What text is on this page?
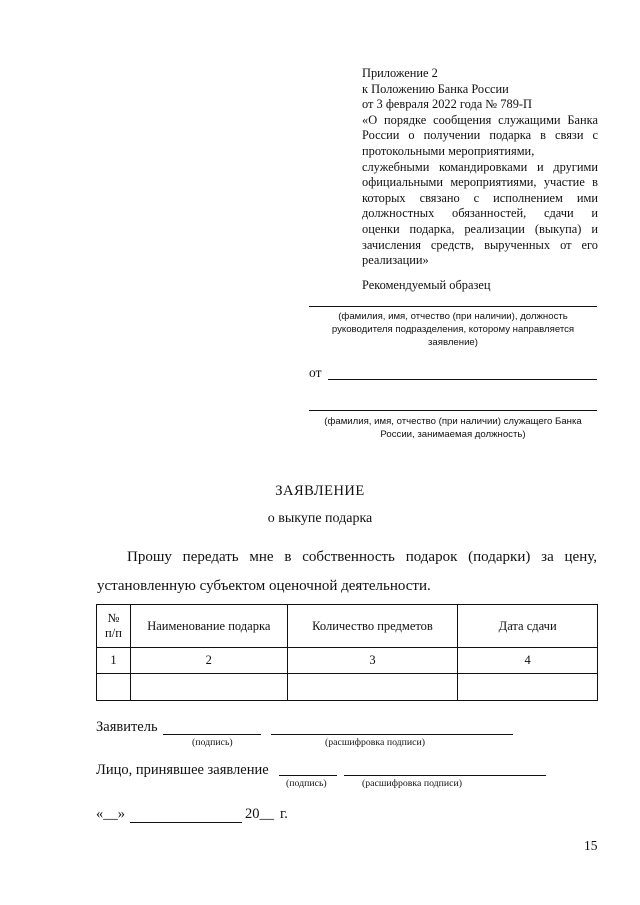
Приложение 2
к Положению Банка России
от 3 февраля 2022 года № 789-П
«О порядке сообщения служащими Банка
России о получении подарка в связи с
протокольными мероприятиями,
служебными командировками и другими
официальными мероприятиями, участие в
которых связано с исполнением ими
должностных обязанностей, сдачи и
оценки подарка, реализации (выкупа) и
зачисления средств, вырученных от его
реализации»
Рекомендуемый образец
(фамилия, имя, отчество (при наличии), должность
руководителя подразделения, которому направляется
заявление)
от
(фамилия, имя, отчество (при наличии) служащего Банка
России, занимаемая должность)
ЗАЯВЛЕНИЕ
о выкупе подарка
Прошу передать мне в собственность подарок (подарки) за цену,
установленную субъектом оценочной деятельности.
№
п/п	Наименование подарка	Количество предметов	Дата сдачи
1	2	3	4

Заявитель
(подпись)	(расшифровка подписи)
Лицо, принявшее заявление
(подпись)	(расшифровка подписи)
«__»	20__ г.
15
